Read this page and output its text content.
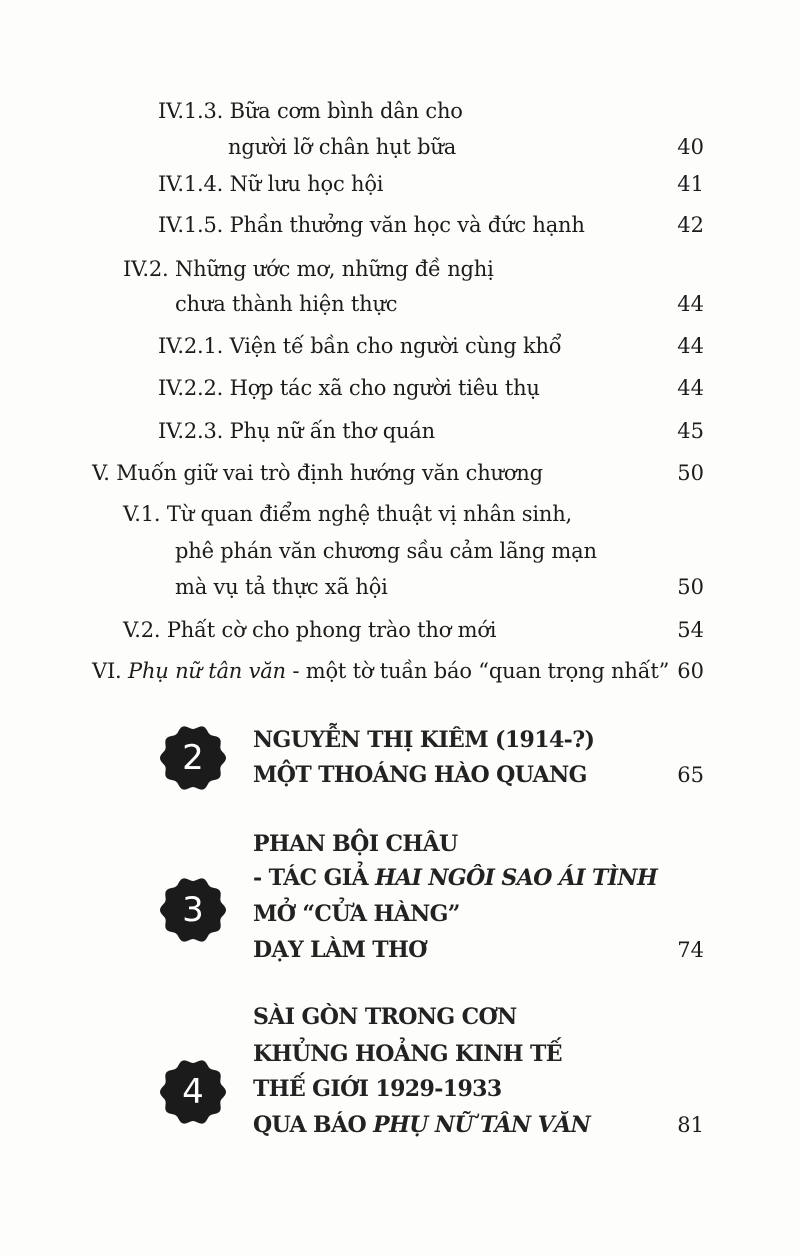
IV.1.3. Bữa cơm bình dân cho
người lỡ chân hụt bữa	40
IV.1.4. Nữ lưu học hội	41
IV.1.5. Phần thưởng văn học và đức hạnh	42
IV.2. Những ước mơ, những đề nghị
chưa thành hiện thực	44
IV.2.1. Viện tế bần cho người cùng khổ	44
IV.2.2. Hợp tác xã cho người tiêu thụ	44
IV.2.3. Phụ nữ ấn thơ quán	45
V. Muốn giữ vai trò định hướng văn chương	50
V.1. Từ quan điểm nghệ thuật vị nhân sinh,
phê phán văn chương sầu cảm lãng mạn
mà vụ tả thực xã hội	50
V.2. Phất cờ cho phong trào thơ mới	54
VI. Phụ nữ tân văn - một tờ tuần báo “quan trọng nhất” 60
2	NGUYỄN THỊ KIÊM (1914-?)
MỘT THOÁNG HÀO QUANG	65
3
PHAN BỘI CHÂU
- TÁC GIẢ HAI NGÔI SAO ÁI TÌNH
MỞ “CỬA HÀNG”
DẠY LÀM THƠ	74
4
SÀI GÒN TRONG CƠN
KHỦNG HOẢNG KINH TẾ
THẾ GIỚI 1929-1933
QUA BÁO PHỤ NỮ TÂN VĂN	81
